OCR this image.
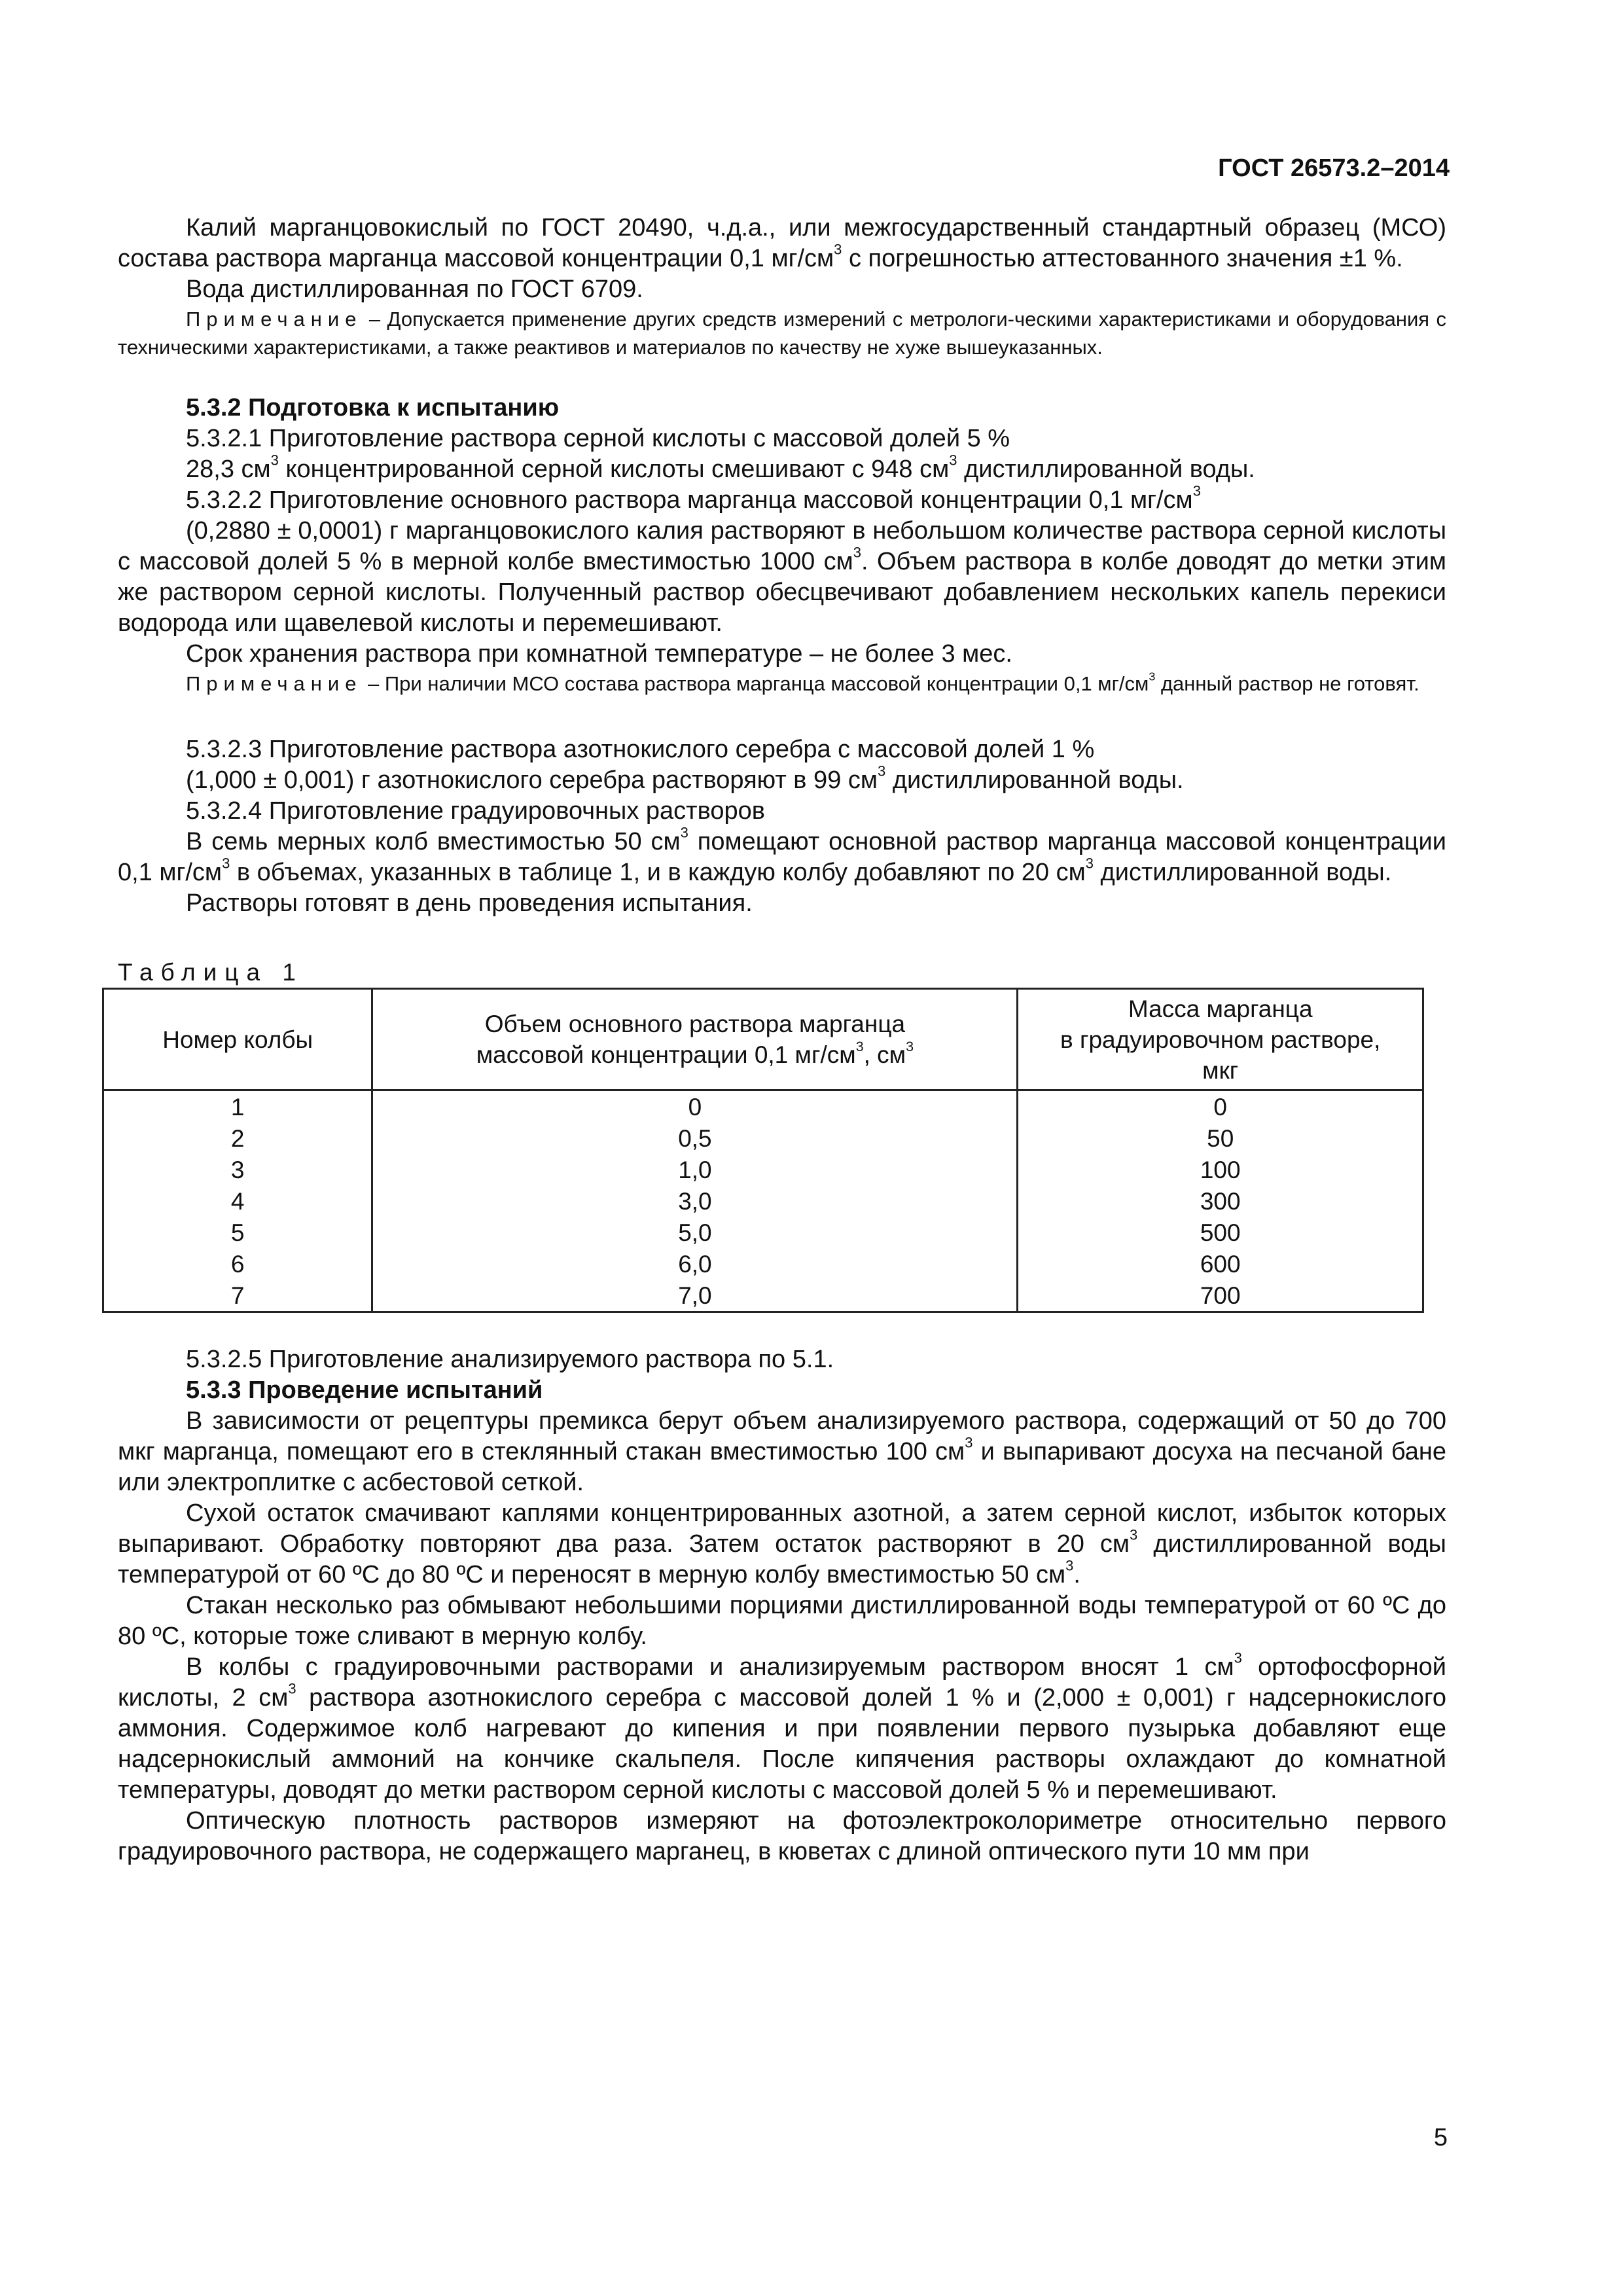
ГОСТ 26573.2–2014

Калий марганцовокислый по ГОСТ 20490, ч.д.а., или межгосударственный стандартный образец (МСО) состава раствора марганца массовой концентрации 0,1 $мг/см^3$ с погрешностью аттестованного значения ±1 %.

Вода дистиллированная по ГОСТ 6709.

Примечание – Допускается применение других средств измерений с метрологи-ческими характеристиками и оборудования с техническими характеристиками, а также реактивов и материалов по качеству не хуже вышеуказанных.

5.3.2 Подготовка к испытанию

5.3.2.1 Приготовление раствора серной кислоты с массовой долей 5 %

28,3 $см^3$ концентрированной серной кислоты смешивают с 948 $см^3$ дистиллированной воды.

5.3.2.2 Приготовление основного раствора марганца массовой концентрации 0,1 $мг/см^3$

(0,2880 ± 0,0001) г марганцовокислого калия растворяют в небольшом количестве раствора серной кислоты с массовой долей 5 % в мерной колбе вместимостью 1000 $см^3$. Объем раствора в колбе доводят до метки этим же раствором серной кислоты. Полученный раствор обесцвечивают добавлением нескольких капель перекиси водорода или щавелевой кислоты и перемешивают.

Срок хранения раствора при комнатной температуре – не более 3 мес.

Примечание – При наличии МСО состава раствора марганца массовой концентрации 0,1 $мг/см^3$ данный раствор не готовят.

5.3.2.3 Приготовление раствора азотнокислого серебра с массовой долей 1 %

(1,000 ± 0,001) г азотнокислого серебра растворяют в 99 $см^3$ дистиллированной воды.

5.3.2.4 Приготовление градуировочных растворов

В семь мерных колб вместимостью 50 $см^3$ помещают основной раствор марганца массовой концентрации 0,1 $мг/см^3$ в объемах, указанных в таблице 1, и в каждую колбу добавляют по 20 $см^3$ дистиллированной воды.

Растворы готовят в день проведения испытания.

Таблица 1

Номер колбы	Объем основного раствора марганца
массовой концентрации 0,1 $мг/см^3$, $см^3$	Масса марганца
в градуировочном растворе,
мкг
1	0	0
2	0,5	50
3	1,0	100
4	3,0	300
5	5,0	500
6	6,0	600
7	7,0	700

5.3.2.5 Приготовление анализируемого раствора по 5.1.

5.3.3 Проведение испытаний

В зависимости от рецептуры премикса берут объем анализируемого раствора, содержащий от 50 до 700 мкг марганца, помещают его в стеклянный стакан вместимостью 100 $см^3$ и выпаривают досуха на песчаной бане или электроплитке с асбестовой сеткой.

Сухой остаток смачивают каплями концентрированных азотной, а затем серной кислот, избыток которых выпаривают. Обработку повторяют два раза. Затем остаток растворяют в 20 $см^3$ дистиллированной воды температурой от 60 ºC до 80 ºC и переносят в мерную колбу вместимостью 50 $см^3$.

Стакан несколько раз обмывают небольшими порциями дистиллированной воды температурой от 60 ºC до 80 ºC, которые тоже сливают в мерную колбу.

В колбы с градуировочными растворами и анализируемым раствором вносят 1 $см^3$ ортофосфорной кислоты, 2 $см^3$ раствора азотнокислого серебра с массовой долей 1 % и (2,000 ± 0,001) г надсернокислого аммония. Содержимое колб нагревают до кипения и при появлении первого пузырька добавляют еще надсернокислый аммоний на кончике скальпеля. После кипячения растворы охлаждают до комнатной температуры, доводят до метки раствором серной кислоты с массовой долей 5 % и перемешивают.

Оптическую плотность растворов измеряют на фотоэлектроколориметре относительно первого градуировочного раствора, не содержащего марганец, в кюветах с длиной оптического пути 10 мм при

5
